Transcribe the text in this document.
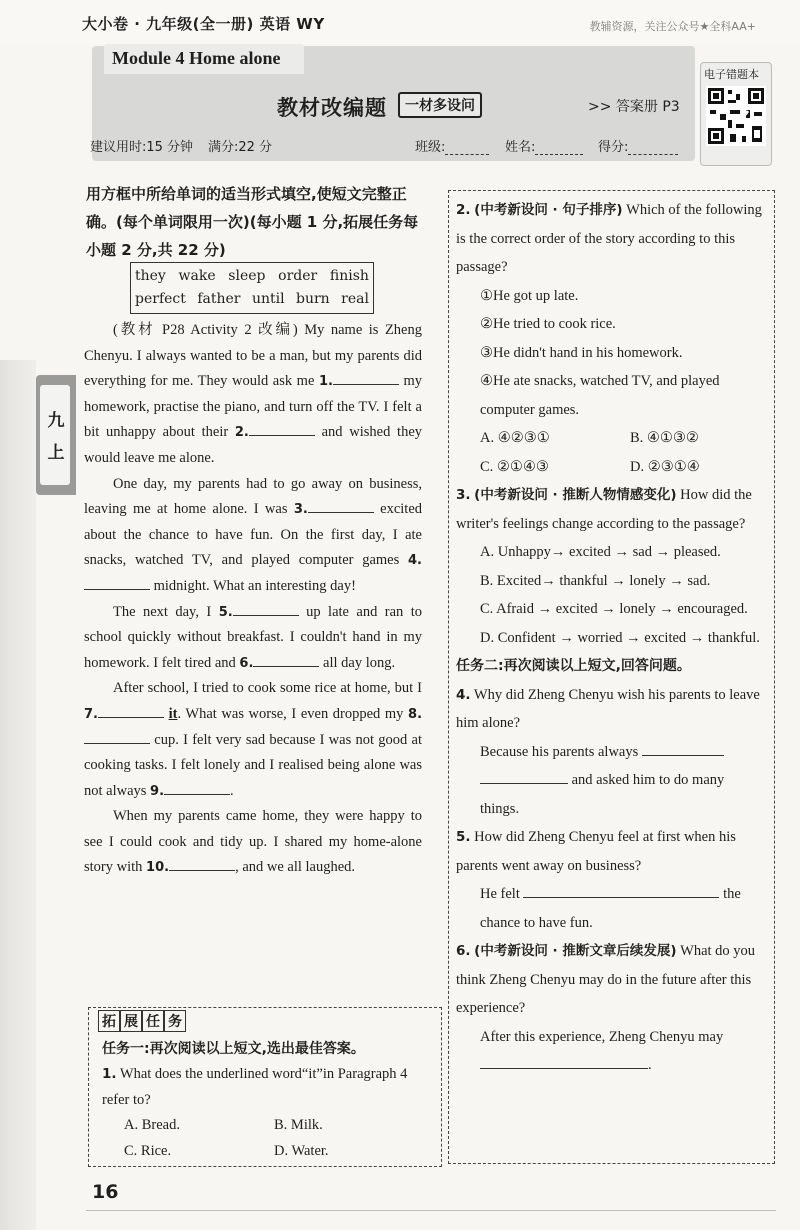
大小卷 · 九年级(全一册) 英语 WY	教辅资源，关注公众号★全科AA+
Module 4 Home alone
教材改编题	一材多设问	>> 答案册 P3
建议用时:15 分钟 满分:22 分	班级:	姓名:	得分:
电子错题本
九
上
用方框中所给单词的适当形式填空,使短文完整正确。(每个单词限用一次)(每小题 1 分,拓展任务每小题 2 分,共 22 分)
they wake sleep order finish
perfect father until burn real

(教材 P28 Activity 2 改编) My name is Zheng Chenyu. I always wanted to be a man, but my parents did everything for me. They would ask me 1.	my homework, practise the piano, and turn off the TV. I felt a bit unhappy about their 2.	and wished they would leave me alone.

One day, my parents had to go away on business, leaving me at home alone. I was 3.	excited about the chance to have fun. On the first day, I ate snacks, watched TV, and played computer games 4. midnight. What an interesting day!

The next day, I 5.	up late and ran to school quickly without breakfast. I couldn't hand in my homework. I felt tired and 6.	all day long.

After school, I tried to cook some rice at home, but I 7.	it. What was worse, I even dropped my 8. cup. I felt very sad because I was not good at cooking tasks. I felt lonely and I realised being alone was not always 9.	.

When my parents came home, they were happy to see I could cook and tidy up. I shared my home-alone story with 10.	, and we all laughed.

拓 展 任 务
任务一:再次阅读以上短文,选出最佳答案。
1. What does the underlined word“it”in Paragraph 4 refer to?
A. Bread.	B. Milk.
C. Rice.	D. Water.
2. (中考新设问 · 句子排序) Which of the following is the correct order of the story according to this passage?
①He got up late.
②He tried to cook rice.
③He didn't hand in his homework.
④He ate snacks, watched TV, and played computer games.
A. ④②③①	B. ④①③②
C. ②①④③	D. ②③①④
3. (中考新设问 · 推断人物情感变化) How did the writer's feelings change according to the passage?
A. Unhappy→ excited → sad → pleased.
B. Excited→ thankful → lonely → sad.
C. Afraid → excited → lonely → encouraged.
D. Confident → worried → excited → thankful.
任务二:再次阅读以上短文,回答问题。
4. Why did Zheng Chenyu wish his parents to leave him alone?
Because his parents always   and asked him to do many things.
5. How did Zheng Chenyu feel at first when his parents went away on business?
He felt	the chance to have fun.
6. (中考新设问 · 推断文章后续发展) What do you think Zheng Chenyu may do in the future after this experience?
After this experience, Zheng Chenyu may .
16
